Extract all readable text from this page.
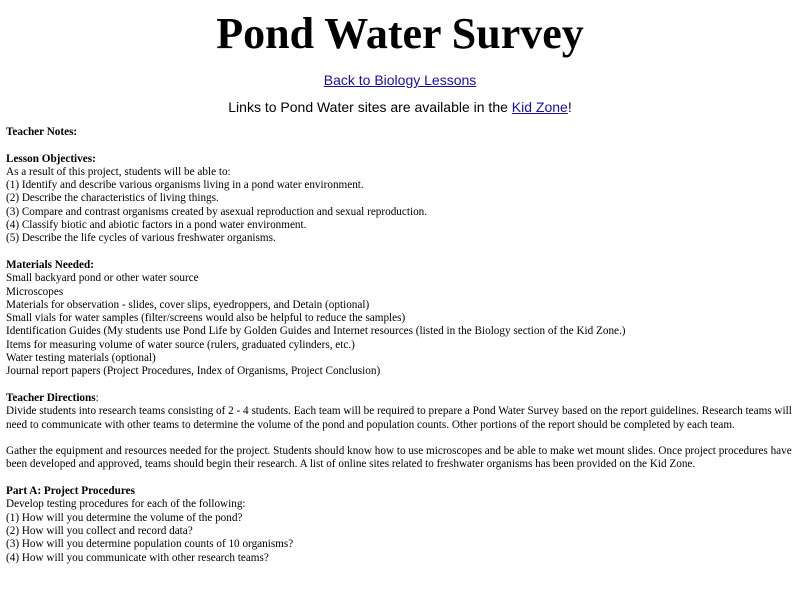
Pond Water Survey
Back to Biology Lessons
Links to Pond Water sites are available in the Kid Zone!
Teacher Notes:
Lesson Objectives:
As a result of this project, students will be able to:
(1) Identify and describe various organisms living in a pond water environment.
(2) Describe the characteristics of living things.
(3) Compare and contrast organisms created by asexual reproduction and sexual reproduction.
(4) Classify biotic and abiotic factors in a pond water environment.
(5) Describe the life cycles of various freshwater organisms.
Materials Needed:
Small backyard pond or other water source
Microscopes
Materials for observation - slides, cover slips, eyedroppers, and Detain (optional)
Small vials for water samples (filter/screens would also be helpful to reduce the samples)
Identification Guides (My students use Pond Life by Golden Guides and Internet resources (listed in the Biology section of the Kid Zone.)
Items for measuring volume of water source (rulers, graduated cylinders, etc.)
Water testing materials (optional)
Journal report papers (Project Procedures, Index of Organisms, Project Conclusion)
Teacher Directions:
Divide students into research teams consisting of 2 - 4 students. Each team will be required to prepare a Pond Water Survey based on the report guidelines. Research teams will need to communicate with other teams to determine the volume of the pond and population counts. Other portions of the report should be completed by each team.
Gather the equipment and resources needed for the project. Students should know how to use microscopes and be able to make wet mount slides. Once project procedures have been developed and approved, teams should begin their research. A list of online sites related to freshwater organisms has been provided on the Kid Zone.
Part A: Project Procedures
Develop testing procedures for each of the following:
(1) How will you determine the volume of the pond?
(2) How will you collect and record data?
(3) How will you determine population counts of 10 organisms?
(4) How will you communicate with other research teams?
